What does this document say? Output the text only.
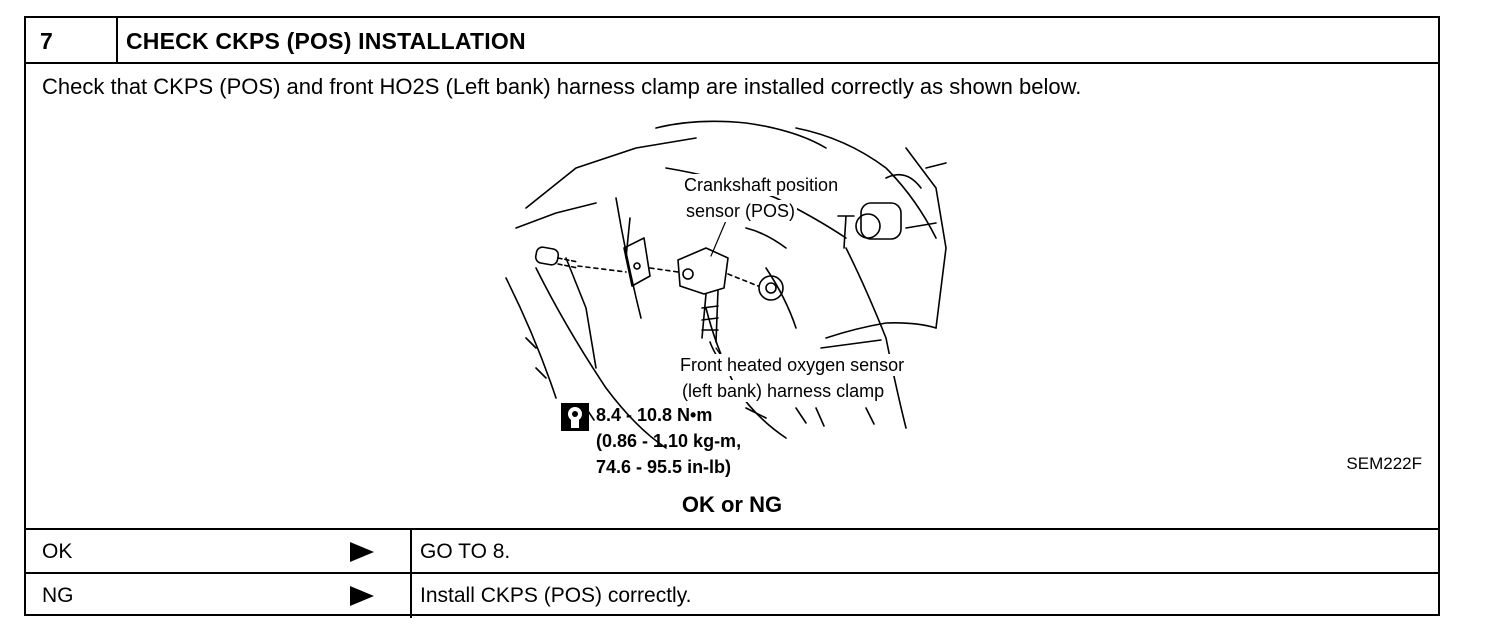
7	CHECK CKPS (POS) INSTALLATION
Check that CKPS (POS) and front HO2S (Left bank) harness clamp are installed correctly as shown below.
Crankshaft position
sensor (POS)
Front heated oxygen sensor
(left bank) harness clamp
8.4 - 10.8 N•m
(0.86 - 1.10 kg-m,
74.6 - 95.5 in-lb)	SEM222F
OK or NG
OK	GO TO 8.
NG	Install CKPS (POS) correctly.
